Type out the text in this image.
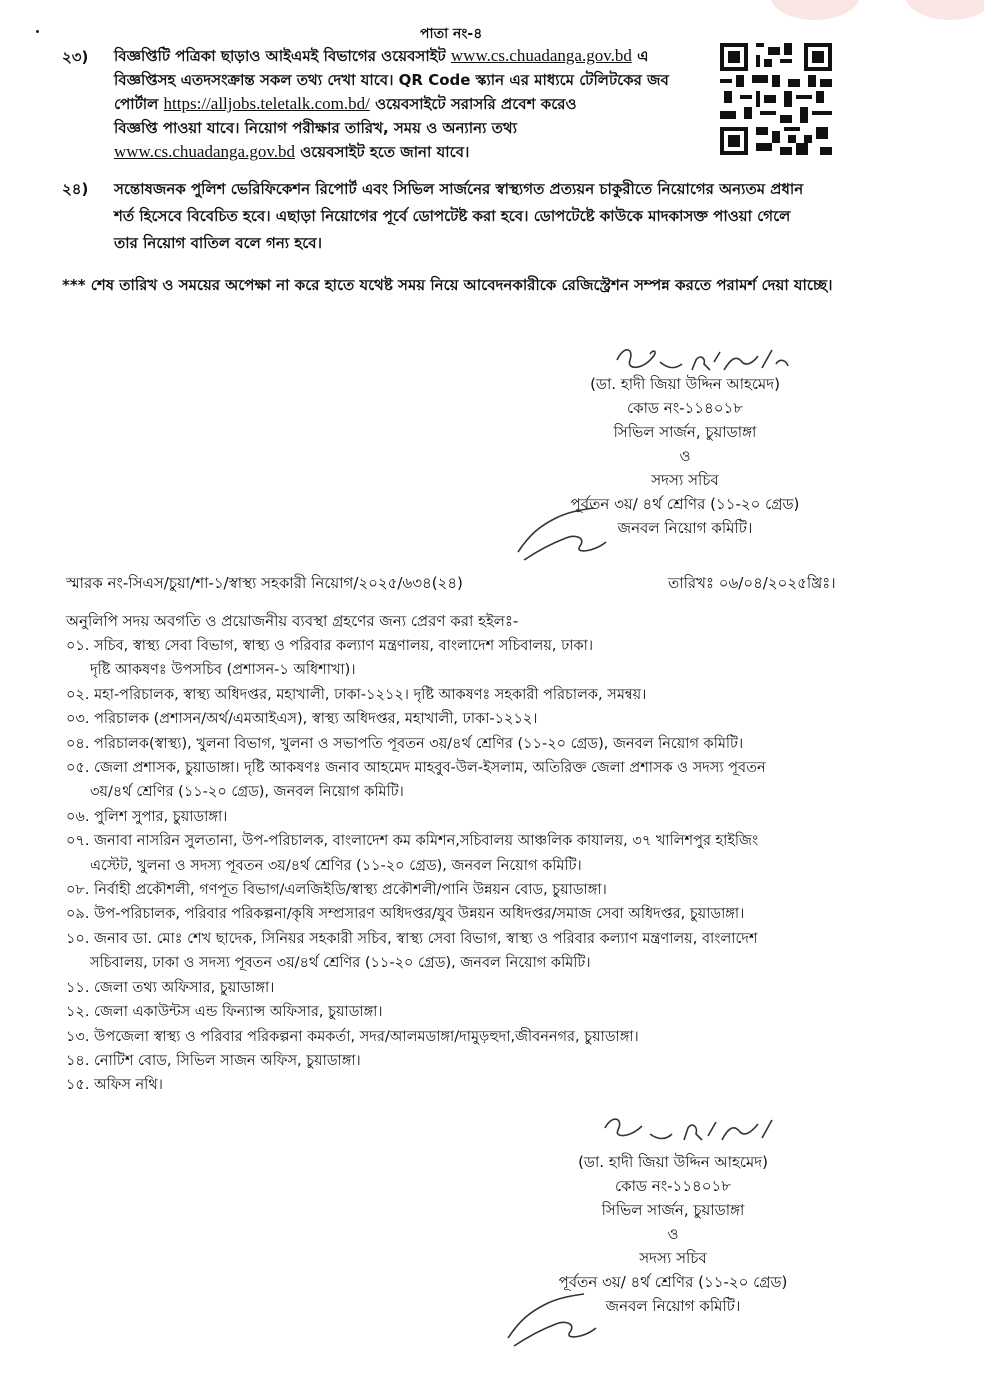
পাতা নং-৪
২৩) বিজ্ঞপ্তিটি পত্রিকা ছাড়াও আইএমই বিভাগের ওয়েবসাইট www.cs.chuadanga.gov.bd এ
বিজ্ঞপ্তিসহ এতদসংক্রান্ত সকল তথ্য দেখা যাবে। QR Code স্ক্যান এর মাধ্যমে টেলিটকের জব
পোর্টাল https://alljobs.teletalk.com.bd/ ওয়েবসাইটে সরাসরি প্রবেশ করেও
বিজ্ঞপ্তি পাওয়া যাবে। নিয়োগ পরীক্ষার তারিখ, সময় ও অন্যান্য তথ্য
www.cs.chuadanga.gov.bd ওয়েবসাইট হতে জানা যাবে।
২৪) সন্তোষজনক পুলিশ ভেরিফিকেশন রিপোর্ট এবং সিভিল সার্জনের স্বাস্থ্যগত প্রত্যয়ন চাকুরীতে নিয়োগের অন্যতম প্রধান
শর্ত হিসেবে বিবেচিত হবে। এছাড়া নিয়োগের পূর্বে ডোপটেষ্ট করা হবে। ডোপটেষ্টে কাউকে মাদকাসক্ত পাওয়া গেলে
তার নিয়োগ বাতিল বলে গন্য হবে।
*** শেষ তারিখ ও সময়ের অপেক্ষা না করে হাতে যথেষ্ট সময় নিয়ে আবেদনকারীকে রেজিস্ট্রেশন সম্পন্ন করতে পরামর্শ দেয়া যাচ্ছে।
(ডা. হাদী জিয়া উদ্দিন আহমেদ)
কোড নং-১১৪০১৮
সিভিল সার্জন, চুয়াডাঙ্গা
ও
সদস্য সচিব
পূর্বতন ৩য়/ ৪র্থ শ্রেণির (১১-২০ গ্রেড)
জনবল নিয়োগ কমিটি।
স্মারক নং-সিএস/চুয়া/শা-১/স্বাস্থ্য সহকারী নিয়োগ/২০২৫/৬৩৪(২৪)	তারিখঃ ০৬/০৪/২০২৫খ্রিঃ।
অনুলিপি সদয় অবগতি ও প্রয়োজনীয় ব্যবস্থা গ্রহণের জন্য প্রেরণ করা হইলঃ-
০১. সচিব, স্বাস্থ্য সেবা বিভাগ, স্বাস্থ্য ও পরিবার কল্যাণ মন্ত্রণালয়, বাংলাদেশ সচিবালয়, ঢাকা।
দৃষ্টি আকষণঃ উপসচিব (প্রশাসন-১ অধিশাখা)।
০২. মহা-পরিচালক, স্বাস্থ্য অধিদপ্তর, মহাখালী, ঢাকা-১২১২। দৃষ্টি আকষণঃ সহকারী পরিচালক, সমন্বয়।
০৩. পরিচালক (প্রশাসন/অর্থ/এমআইএস), স্বাস্থ্য অধিদপ্তর, মহাখালী, ঢাকা-১২১২।
০৪. পরিচালক(স্বাস্থ্য), খুলনা বিভাগ, খুলনা ও সভাপতি পূবতন ৩য়/৪র্থ শ্রেণির (১১-২০ গ্রেড), জনবল নিয়োগ কমিটি।
০৫. জেলা প্রশাসক, চুয়াডাঙ্গা। দৃষ্টি আকষণঃ জনাব আহমেদ মাহবুব-উল-ইসলাম, অতিরিক্ত জেলা প্রশাসক ও সদস্য পূবতন
৩য়/৪র্থ শ্রেণির (১১-২০ গ্রেড), জনবল নিয়োগ কমিটি।
০৬. পুলিশ সুপার, চুয়াডাঙ্গা।
০৭. জনাবা নাসরিন সুলতানা, উপ-পরিচালক, বাংলাদেশ কম কমিশন,সচিবালয় আঞ্চলিক কাযালয়, ৩৭ খালিশপুর হাইজিং
এস্টেট, খুলনা ও সদস্য পূবতন ৩য়/৪র্থ শ্রেণির (১১-২০ গ্রেড), জনবল নিয়োগ কমিটি।
০৮. নির্বাহী প্রকৌশলী, গণপূত বিভাগ/এলজিইডি/স্বাস্থ্য প্রকৌশলী/পানি উন্নয়ন বোড, চুয়াডাঙ্গা।
০৯. উপ-পরিচালক, পরিবার পরিকল্পনা/কৃষি সম্প্রসারণ অধিদপ্তর/যুব উন্নয়ন অধিদপ্তর/সমাজ সেবা অধিদপ্তর, চুয়াডাঙ্গা।
১০. জনাব ডা. মোঃ শেখ ছাদেক, সিনিয়র সহকারী সচিব, স্বাস্থ্য সেবা বিভাগ, স্বাস্থ্য ও পরিবার কল্যাণ মন্ত্রণালয়, বাংলাদেশ
সচিবালয়, ঢাকা ও সদস্য পূবতন ৩য়/৪র্থ শ্রেণির (১১-২০ গ্রেড), জনবল নিয়োগ কমিটি।
১১. জেলা তথ্য অফিসার, চুয়াডাঙ্গা।
১২. জেলা একাউন্টস এন্ড ফিন্যান্স অফিসার, চুয়াডাঙ্গা।
১৩. উপজেলা স্বাস্থ্য ও পরিবার পরিকল্পনা কমকর্তা, সদর/আলমডাঙ্গা/দামুড়হুদা,জীবননগর, চুয়াডাঙ্গা।
১৪. নোটিশ বোড, সিভিল সাজন অফিস, চুয়াডাঙ্গা।
১৫. অফিস নথি।
(ডা. হাদী জিয়া উদ্দিন আহমেদ)
কোড নং-১১৪০১৮
সিভিল সার্জন, চুয়াডাঙ্গা
ও
সদস্য সচিব
পূর্বতন ৩য়/ ৪র্থ শ্রেণির (১১-২০ গ্রেড)
জনবল নিয়োগ কমিটি।
